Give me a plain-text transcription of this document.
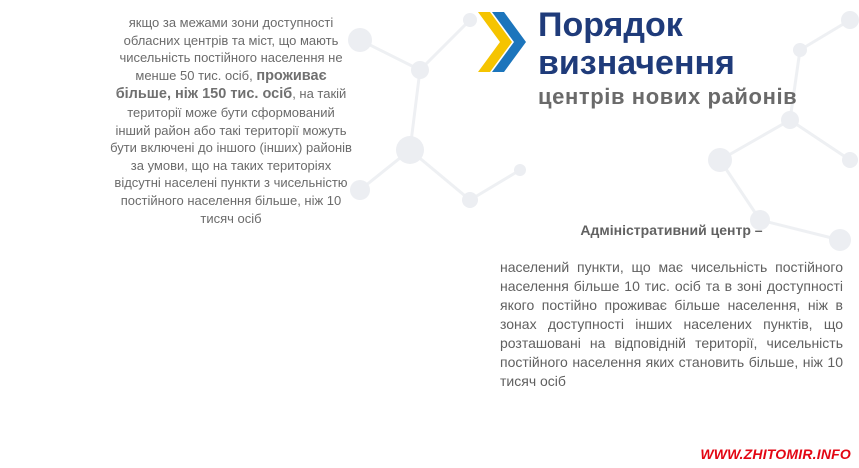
якщо за межами зони доступності обласних центрів та міст, що мають чисельність постійного населення не менше 50 тис. осіб, проживає більше, ніж 150 тис. осіб, на такій території може бути сформований інший район або такі території можуть бути включені до іншого (інших) районів за умови, що на таких територіях відсутні населені пункти з чисельністю постійного населення більше, ніж 10 тисяч осіб
Порядок
визначення
центрів нових районів
Адміністративний центр –
населений пункти, що має чисельність постійного населення більше 10 тис. осіб та в зоні доступності якого постійно проживає більше населення, ніж в зонах доступності інших населених пунктів, що розташовані на відповідній території, чисельність постійного населення яких становить більше, ніж 10 тисяч осіб
WWW.ZHITOMIR.INFO
